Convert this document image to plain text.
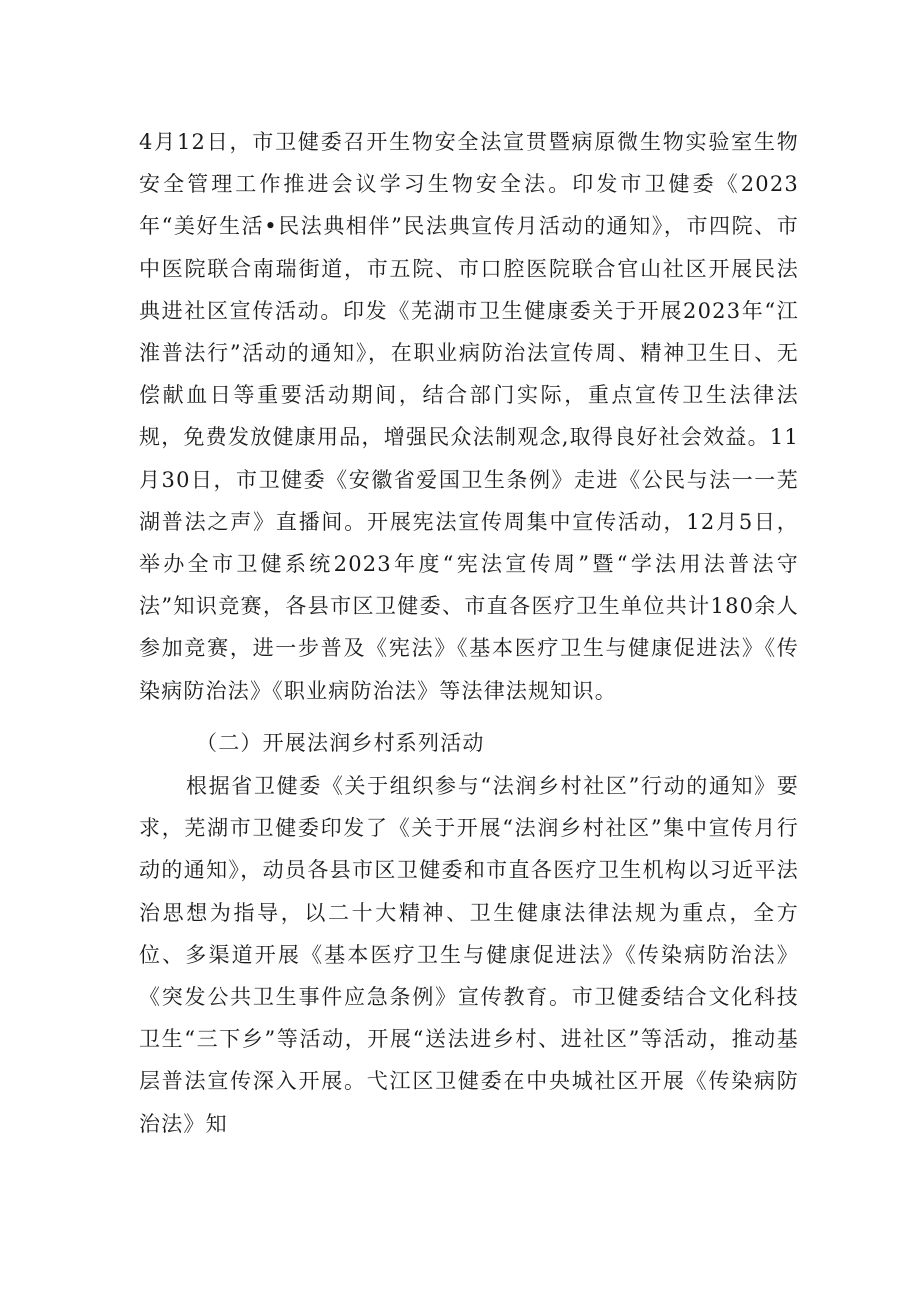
4月12日，市卫健委召开生物安全法宣贯暨病原微生物实验室生物安全管理工作推进会议学习生物安全法。印发市卫健委《2023年“美好生活•民法典相伴”民法典宣传月活动的通知》，市四院、市中医院联合南瑞街道，市五院、市口腔医院联合官山社区开展民法典进社区宣传活动。印发《芜湖市卫生健康委关于开展2023年“江淮普法行”活动的通知》，在职业病防治法宣传周、精神卫生日、无偿献血日等重要活动期间，结合部门实际，重点宣传卫生法律法规，免费发放健康用品，增强民众法制观念,取得良好社会效益。11月30日，市卫健委《安徽省爱国卫生条例》走进《公民与法一一芜湖普法之声》直播间。开展宪法宣传周集中宣传活动，12月5日，举办全市卫健系统2023年度“宪法宣传周”暨“学法用法普法守法”知识竞赛，各县市区卫健委、市直各医疗卫生单位共计180余人参加竞赛，进一步普及《宪法》《基本医疗卫生与健康促进法》《传染病防治法》《职业病防治法》等法律法规知识。

（二）开展法润乡村系列活动

根据省卫健委《关于组织参与“法润乡村社区”行动的通知》要求，芜湖市卫健委印发了《关于开展“法润乡村社区”集中宣传月行动的通知》，动员各县市区卫健委和市直各医疗卫生机构以习近平法治思想为指导，以二十大精神、卫生健康法律法规为重点，全方位、多渠道开展《基本医疗卫生与健康促进法》《传染病防治法》《突发公共卫生事件应急条例》宣传教育。市卫健委结合文化科技卫生“三下乡”等活动，开展“送法进乡村、进社区”等活动，推动基层普法宣传深入开展。弋江区卫健委在中央城社区开展《传染病防治法》知
